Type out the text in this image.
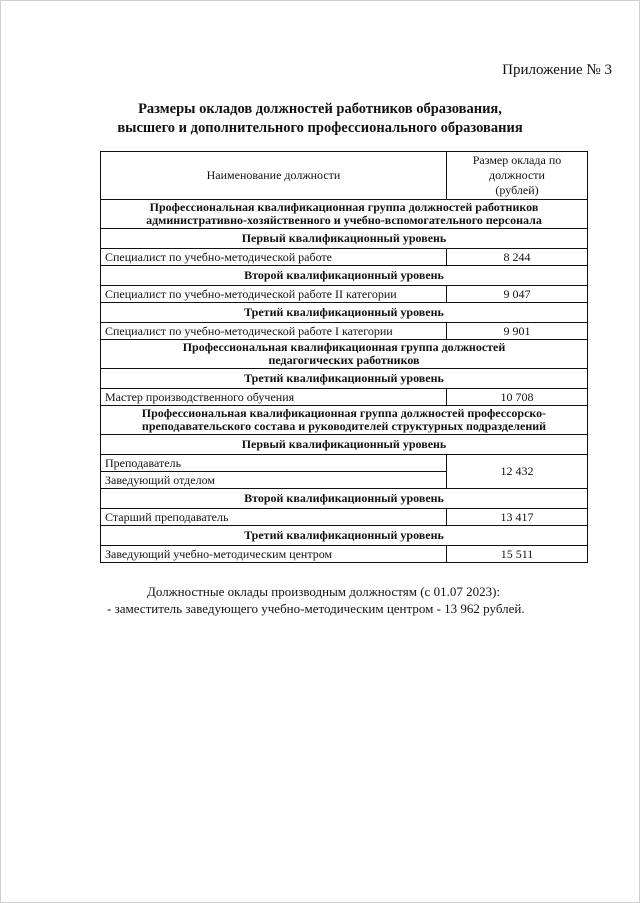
Приложение № 3
Размеры окладов должностей работников образования,
высшего и дополнительного профессионального образования
Наименование должности	Размер оклада по
должности
(рублей)

Профессиональная квалификационная группа должностей работников
административно-хозяйственного и учебно-вспомогательного персонала	

Первый квалификационный уровень	
Специалист по учебно-методической работе	8 244
Второй квалификационный уровень	
Специалист по учебно-методической работе II категории	9 047
Третий квалификационный уровень	
Специалист по учебно-методической работе I категории	9 901

Профессиональная квалификационная группа должностей
педагогических работников	

Третий квалификационный уровень	
Мастер производственного обучения	10 708

Профессиональная квалификационная группа должностей профессорско-
преподавательского состава и руководителей структурных подразделений	

Первый квалификационный уровень	
Преподаватель	12 432
Заведующий отделом	
Второй квалификационный уровень	
Старший преподаватель	13 417
Третий квалификационный уровень	
Заведующий учебно-методическим центром	15 511
Должностные оклады производным должностям (с 01.07 2023):
- заместитель заведующего учебно-методическим центром - 13 962 рублей.
